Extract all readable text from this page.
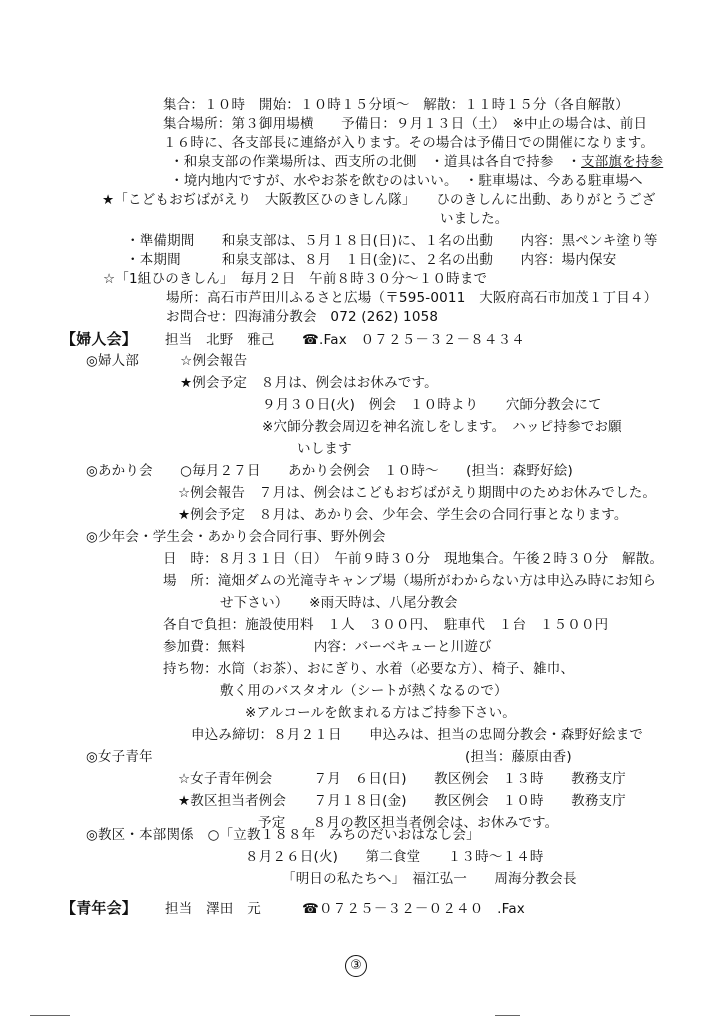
集合：１０時　開始：１０時１５分頃〜　解散：１１時１５分（各自解散）
集合場所：第３御用場横　　予備日：９月１３日（土）　※中止の場合は、前日
１６時に、各支部長に連絡が入ります。その場合は予備日での開催になります。
・和泉支部の作業場所は、西支所の北側　・道具は各自で持参　・支部旗を持参
・境内地内ですが、水やお茶を飲むのはいい。　・駐車場は、今ある駐車場へ
★「こどもおぢばがえり　大阪教区ひのきしん隊」　　ひのきしんに出動、ありがとうござ
いました。
・準備期間　　和泉支部は、５月１８日(日)に、１名の出動　　内容：黒ペンキ塗り等
・本期間　　　和泉支部は、８月　１日(金)に、２名の出動　　内容：場内保安
☆「1組ひのきしん」　毎月２日　午前８時３０分〜１０時まで
場所：高石市芦田川ふるさと広場（〒595-0011　大阪府高石市加茂１丁目４）
お問合せ：四海浦分教会　072 (262) 1058
【婦人会】 担当　北野　雅己　　☎.Fax　０７２５－３２－８４３４
◎婦人部　　　☆例会報告
★例会予定　８月は、例会はお休みです。
９月３０日(火)　例会　１０時より　　穴師分教会にて
※穴師分教会周辺を神名流しをします。　ハッピ持参でお願
いします
◎あかり会　　○毎月２７日　　あかり会例会　１０時〜　　(担当：森野好絵)
☆例会報告　７月は、例会はこどもおぢばがえり期間中のためお休みでした。
★例会予定　８月は、あかり会、少年会、学生会の合同行事となります。
◎少年会・学生会・あかり会合同行事、野外例会
日　時：８月３１日（日）　午前９時３０分　現地集合。午後２時３０分　解散。
場　所：滝畑ダムの光滝寺キャンプ場（場所がわからない方は申込み時にお知ら
せ下さい）　　※雨天時は、八尾分教会
各自で負担：施設使用料　１人　３００円、　駐車代　１台　１５００円
参加費：無料　　　　　内容：バーベキューと川遊び
持ち物：水筒（お茶）、おにぎり、水着（必要な方）、椅子、雑巾、
敷く用のバスタオル（シートが熱くなるので）
※アルコールを飲まれる方はご持参下さい。
申込み締切：８月２１日　　申込みは、担当の忠岡分教会・森野好絵まで
◎女子青年	(担当：藤原由香)
☆女子青年例会　　　７月　６日(日)　　教区例会　１３時　　教務支庁
★教区担当者例会　　７月１８日(金)　　教区例会　１０時　　教務支庁
予定　　８月の教区担当者例会は、お休みです。
◎教区・本部関係　○「立教１８８年　みちのだいおはなし会」
８月２６日(火)　　第二食堂　　１３時〜１４時
「明日の私たちへ」　福江弘一　　周海分教会長
【青年会】
③
担当　澤田　元　　　☎０７２５－３２－０２４０　.Fax
